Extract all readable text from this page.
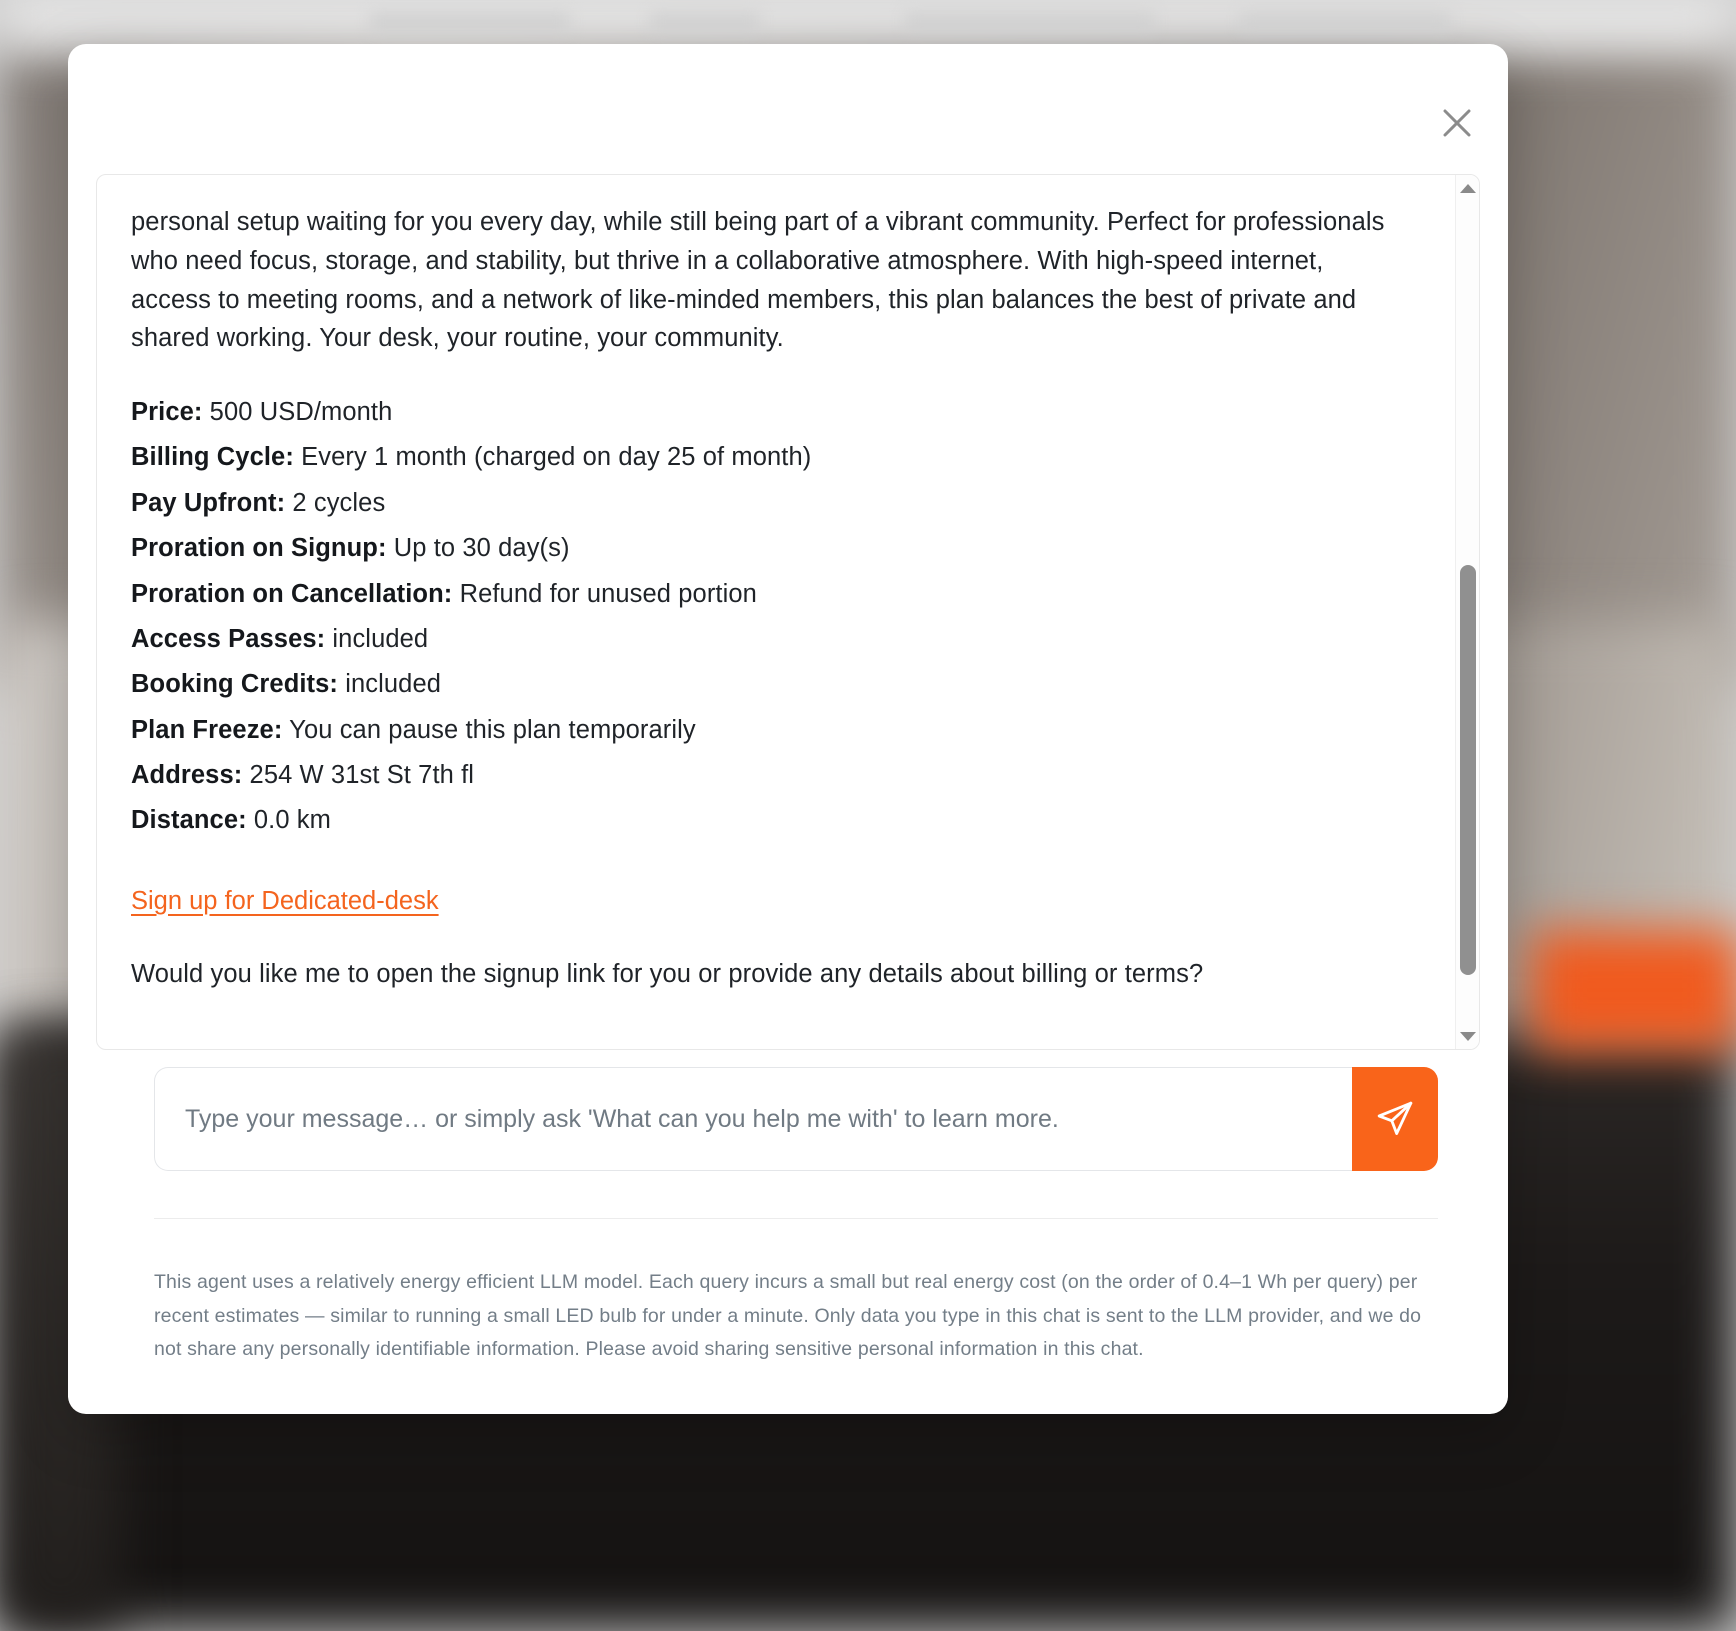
personal setup waiting for you every day, while still being part of a vibrant community. Perfect for professionals who need focus, storage, and stability, but thrive in a collaborative atmosphere. With high-speed internet, access to meeting rooms, and a network of like-minded members, this plan balances the best of private and shared working. Your desk, your routine, your community.

Price: 500 USD/month
Billing Cycle: Every 1 month (charged on day 25 of month)
Pay Upfront: 2 cycles
Proration on Signup: Up to 30 day(s)
Proration on Cancellation: Refund for unused portion
Access Passes: included
Booking Credits: included
Plan Freeze: You can pause this plan temporarily
Address: 254 W 31st St 7th fl
Distance: 0.0 km
Sign up for Dedicated-desk

Would you like me to open the signup link for you or provide any details about billing or terms?

Type your message… or simply ask 'What can you help me with' to learn more.

This agent uses a relatively energy efficient LLM model. Each query incurs a small but real energy cost (on the order of 0.4–1 Wh per query) per recent estimates — similar to running a small LED bulb for under a minute. Only data you type in this chat is sent to the LLM provider, and we do not share any personally identifiable information. Please avoid sharing sensitive personal information in this chat.
